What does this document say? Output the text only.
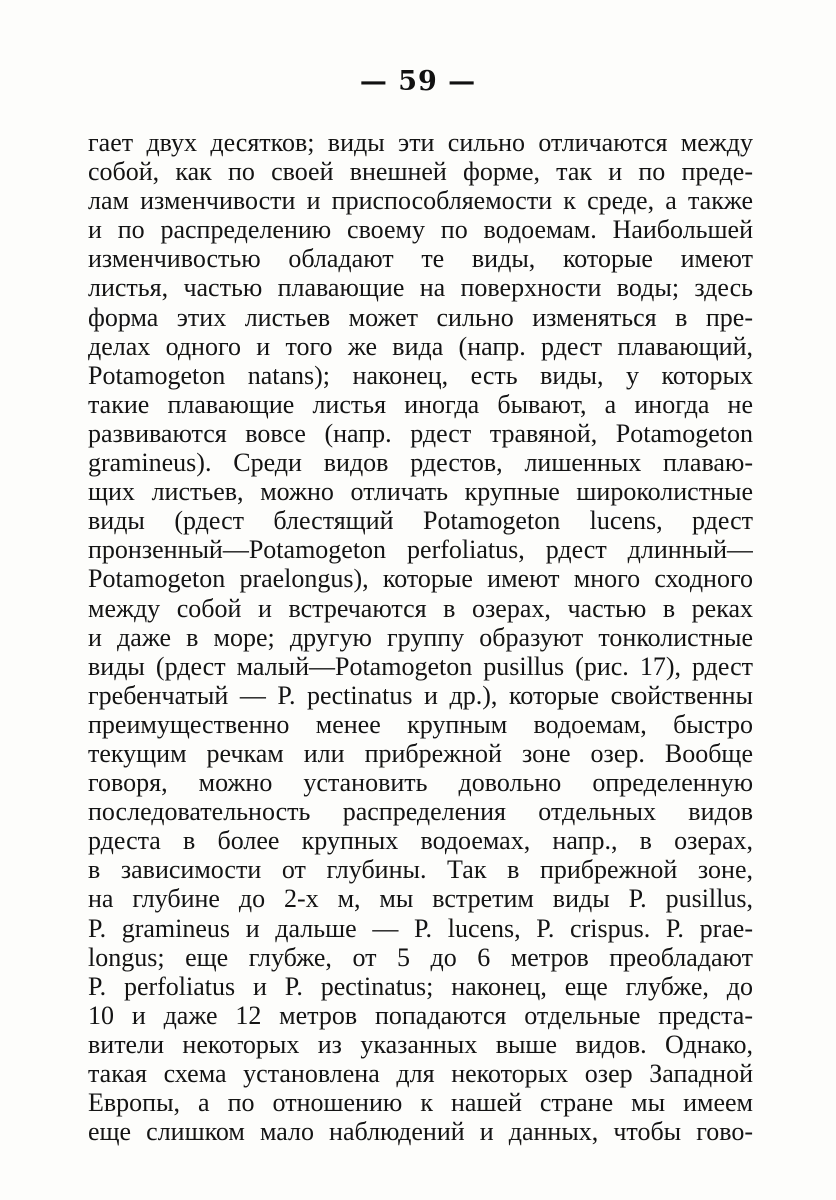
— 59 —
гает двух десятков; виды эти сильно отличаются между
собой, как по своей внешней форме, так и по преде-
лам изменчивости и приспособляемости к среде, а также
и по распределению своему по водоемам. Наибольшей
изменчивостью обладают те виды, которые имеют
листья, частью плавающие на поверхности воды; здесь
форма этих листьев может сильно изменяться в пре-
делах одного и того же вида (напр. рдест плавающий,
Potamogeton natans); наконец, есть виды, у которых
такие плавающие листья иногда бывают, а иногда не
развиваются вовсе (напр. рдест травяной, Potamogeton
gramineus). Среди видов рдестов, лишенных плаваю-
щих листьев, можно отличать крупные широколистные
виды (рдест блестящий Potamogeton lucens, рдест
пронзенный—Potamogeton perfoliatus, рдест длинный—
Potamogeton praelongus), которые имеют много сходного
между собой и встречаются в озерах, частью в реках
и даже в море; другую группу образуют тонколистные
виды (рдест малый—Potamogeton pusillus (рис. 17), рдест
гребенчатый — P. pectinatus и др.), которые свойственны
преимущественно менее крупным водоемам, быстро
текущим речкам или прибрежной зоне озер. Вообще
говоря, можно установить довольно определенную
последовательность распределения отдельных видов
рдеста в более крупных водоемах, напр., в озерах,
в зависимости от глубины. Так в прибрежной зоне,
на глубине до 2-х м, мы встретим виды P. pusillus,
P. gramineus и дальше — P. lucens, P. crispus. P. prae-
longus; еще глубже, от 5 до 6 метров преобладают
P. perfoliatus и P. pectinatus; наконец, еще глубже, до
10 и даже 12 метров попадаются отдельные предста-
вители некоторых из указанных выше видов. Однако,
такая схема установлена для некоторых озер Западной
Европы, а по отношению к нашей стране мы имеем
еще слишком мало наблюдений и данных, чтобы гово-
